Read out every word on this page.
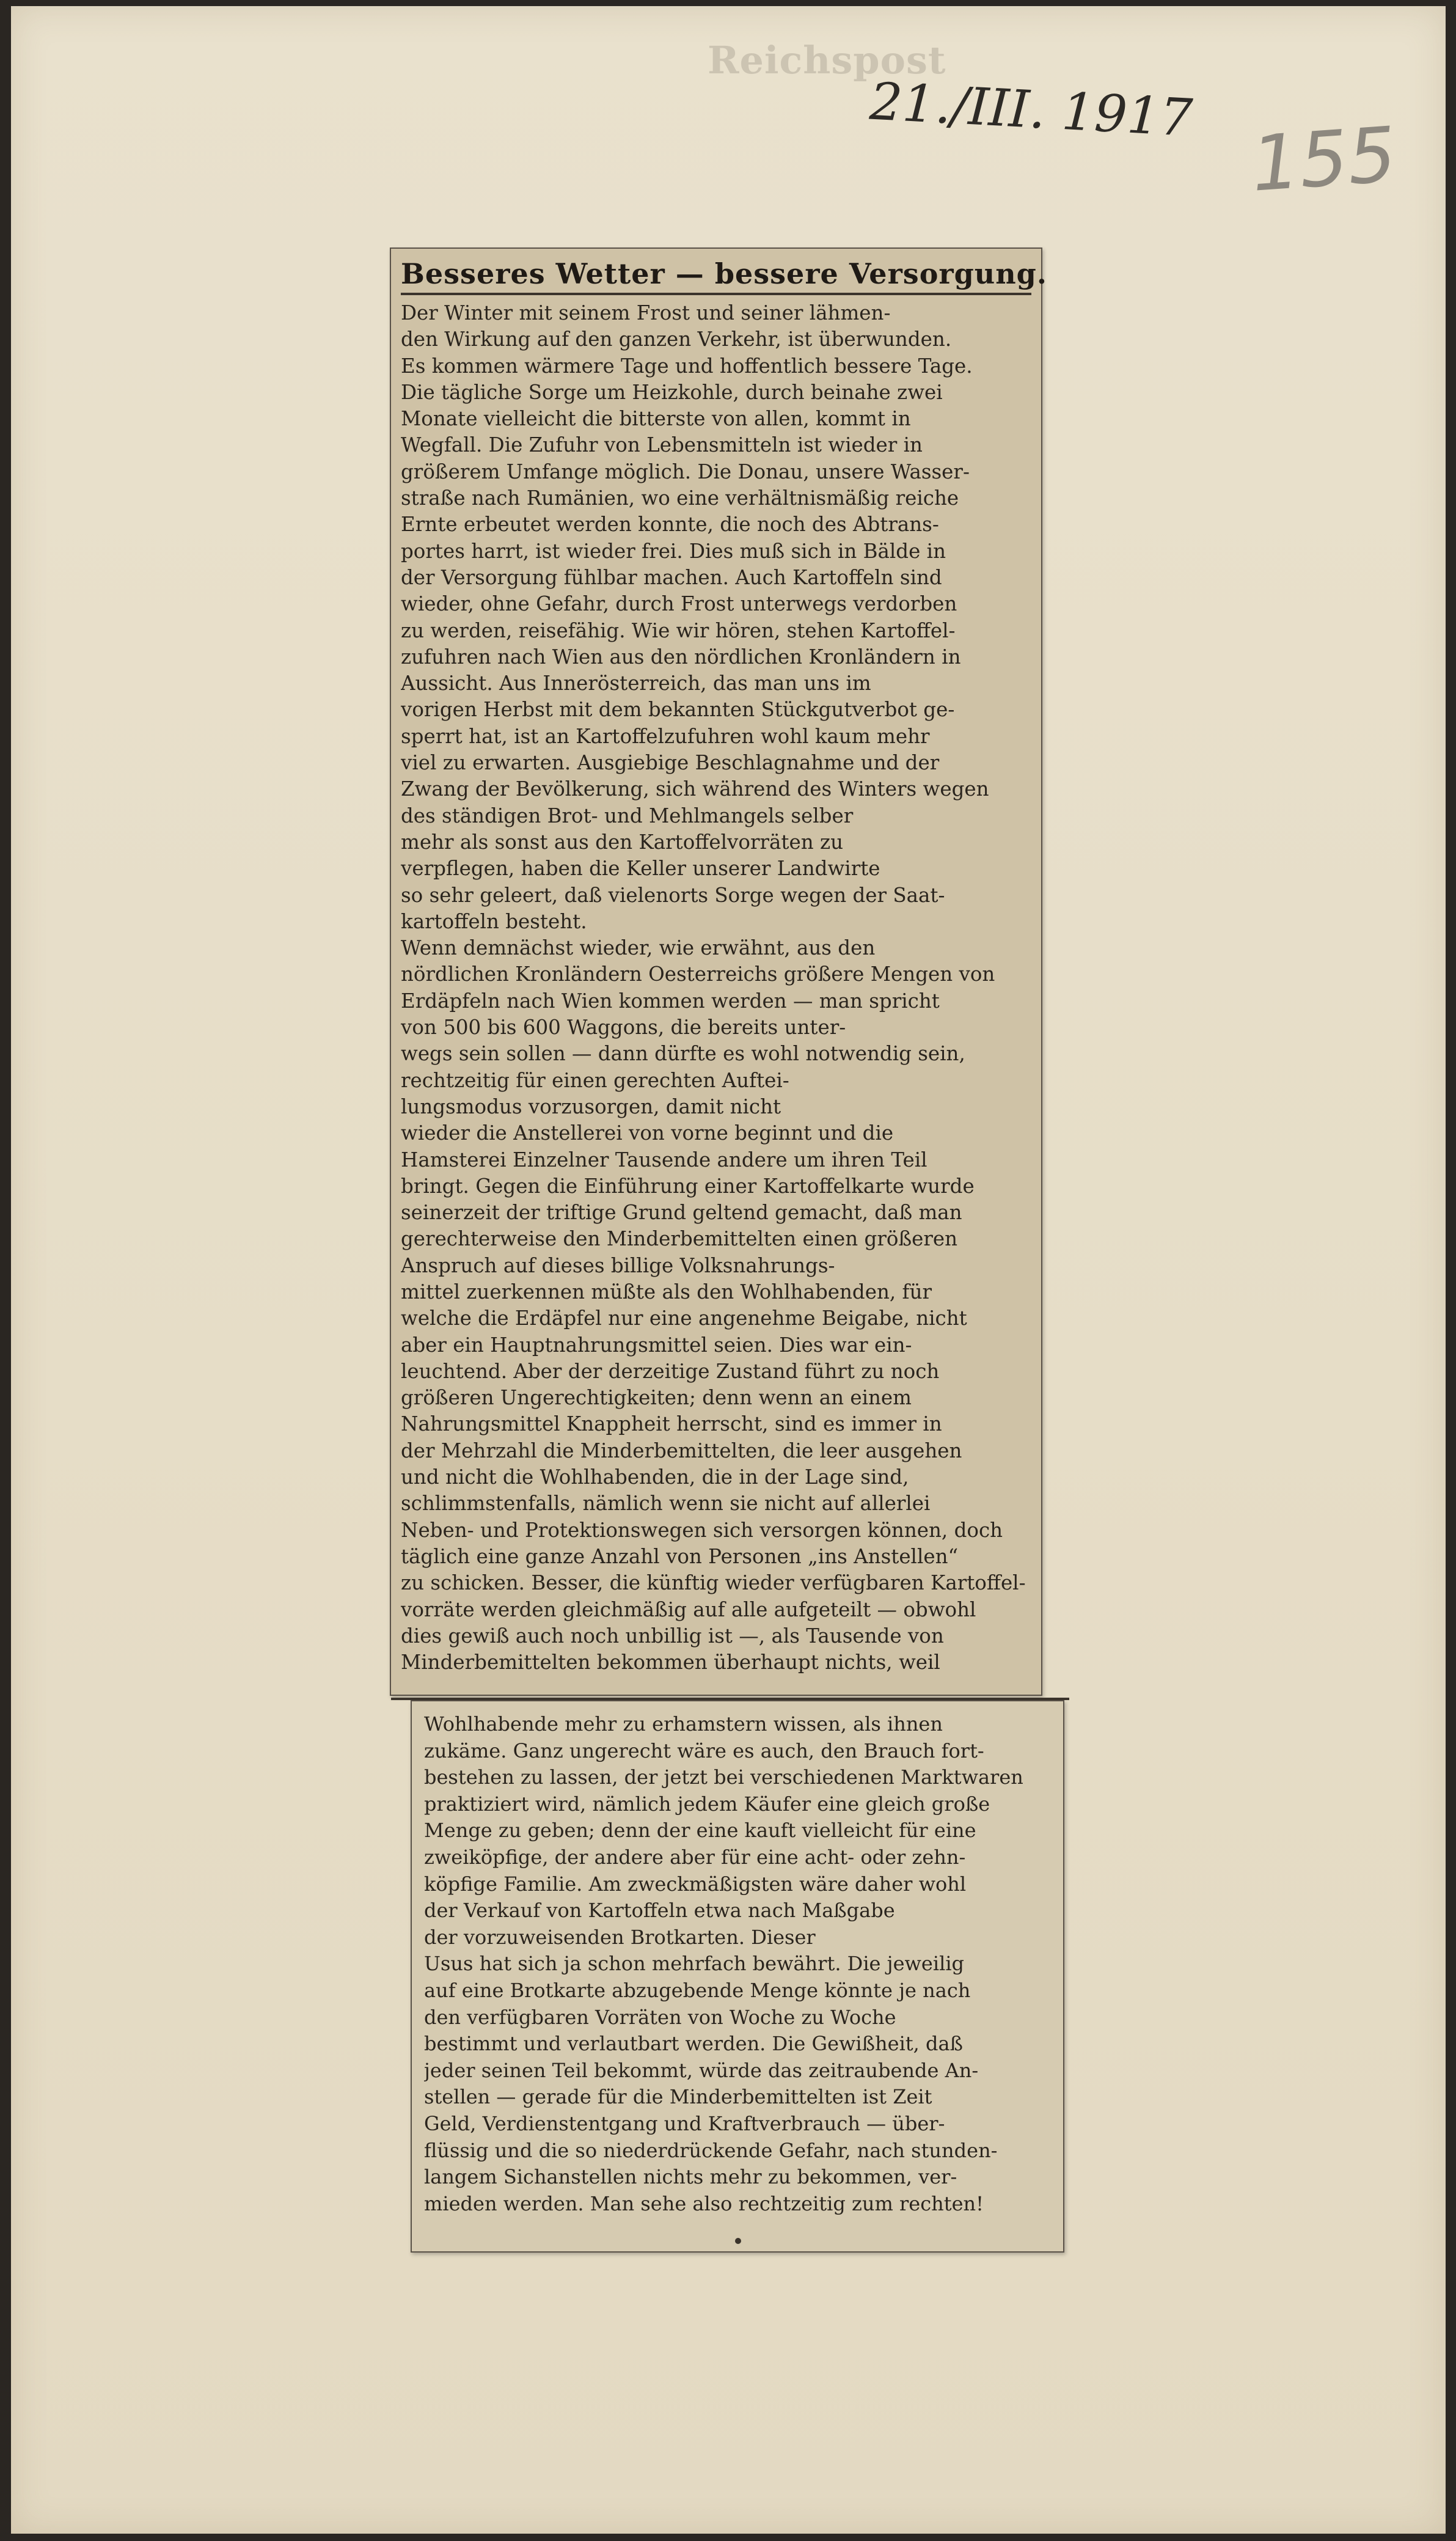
Reichspost
21./III. 1917
155
Besseres Wetter — bessere Versorgung.
Der Winter mit seinem Frost und seiner lähmen-
den Wirkung auf den ganzen Verkehr, ist überwunden.
Es kommen wärmere Tage und hoffentlich bessere Tage.
Die tägliche Sorge um Heizkohle, durch beinahe zwei
Monate vielleicht die bitterste von allen, kommt in
Wegfall. Die Zufuhr von Lebensmitteln ist wieder in
größerem Umfange möglich. Die Donau, unsere Wasser-
straße nach Rumänien, wo eine verhältnismäßig reiche
Ernte erbeutet werden konnte, die noch des Abtrans-
portes harrt, ist wieder frei. Dies muß sich in Bälde in
der Versorgung fühlbar machen. Auch Kartoffeln sind
wieder, ohne Gefahr, durch Frost unterwegs verdorben
zu werden, reisefähig. Wie wir hören, stehen Kartoffel-
zufuhren nach Wien aus den nördlichen Kronländern in
Aussicht. Aus Innerösterreich, das man uns im
vorigen Herbst mit dem bekannten Stückgutverbot ge-
sperrt hat, ist an Kartoffelzufuhren wohl kaum mehr
viel zu erwarten. Ausgiebige Beschlagnahme und der
Zwang der Bevölkerung, sich während des Winters wegen
des ständigen Brot- und Mehlmangels selber
mehr als sonst aus den Kartoffelvorräten zu
verpflegen, haben die Keller unserer Landwirte
so sehr geleert, daß vielenorts Sorge wegen der Saat-
kartoffeln besteht.
Wenn demnächst wieder, wie erwähnt, aus den
nördlichen Kronländern Oesterreichs größere Mengen von
Erdäpfeln nach Wien kommen werden — man spricht
von 500 bis 600 Waggons, die bereits unter-
wegs sein sollen — dann dürfte es wohl notwendig sein,
rechtzeitig für einen gerechten Auftei-
lungsmodus vorzusorgen, damit nicht
wieder die Anstellerei von vorne beginnt und die
Hamsterei Einzelner Tausende andere um ihren Teil
bringt. Gegen die Einführung einer Kartoffelkarte wurde
seinerzeit der triftige Grund geltend gemacht, daß man
gerechterweise den Minderbemittelten einen größeren
Anspruch auf dieses billige Volksnahrungs-
mittel zuerkennen müßte als den Wohlhabenden, für
welche die Erdäpfel nur eine angenehme Beigabe, nicht
aber ein Hauptnahrungsmittel seien. Dies war ein-
leuchtend. Aber der derzeitige Zustand führt zu noch
größeren Ungerechtigkeiten; denn wenn an einem
Nahrungsmittel Knappheit herrscht, sind es immer in
der Mehrzahl die Minderbemittelten, die leer ausgehen
und nicht die Wohlhabenden, die in der Lage sind,
schlimmstenfalls, nämlich wenn sie nicht auf allerlei
Neben- und Protektionswegen sich versorgen können, doch
täglich eine ganze Anzahl von Personen „ins Anstellen“
zu schicken. Besser, die künftig wieder verfügbaren Kartoffel-
vorräte werden gleichmäßig auf alle aufgeteilt — obwohl
dies gewiß auch noch unbillig ist —, als Tausende von
Minderbemittelten bekommen überhaupt nichts, weil
Wohlhabende mehr zu erhamstern wissen, als ihnen
zukäme. Ganz ungerecht wäre es auch, den Brauch fort-
bestehen zu lassen, der jetzt bei verschiedenen Marktwaren
praktiziert wird, nämlich jedem Käufer eine gleich große
Menge zu geben; denn der eine kauft vielleicht für eine
zweiköpfige, der andere aber für eine acht- oder zehn-
köpfige Familie. Am zweckmäßigsten wäre daher wohl
der Verkauf von Kartoffeln etwa nach Maßgabe
der vorzuweisenden Brotkarten. Dieser
Usus hat sich ja schon mehrfach bewährt. Die jeweilig
auf eine Brotkarte abzugebende Menge könnte je nach
den verfügbaren Vorräten von Woche zu Woche
bestimmt und verlautbart werden. Die Gewißheit, daß
jeder seinen Teil bekommt, würde das zeitraubende An-
stellen — gerade für die Minderbemittelten ist Zeit
Geld, Verdienstentgang und Kraftverbrauch — über-
flüssig und die so niederdrückende Gefahr, nach stunden-
langem Sichanstellen nichts mehr zu bekommen, ver-
mieden werden. Man sehe also rechtzeitig zum rechten!
